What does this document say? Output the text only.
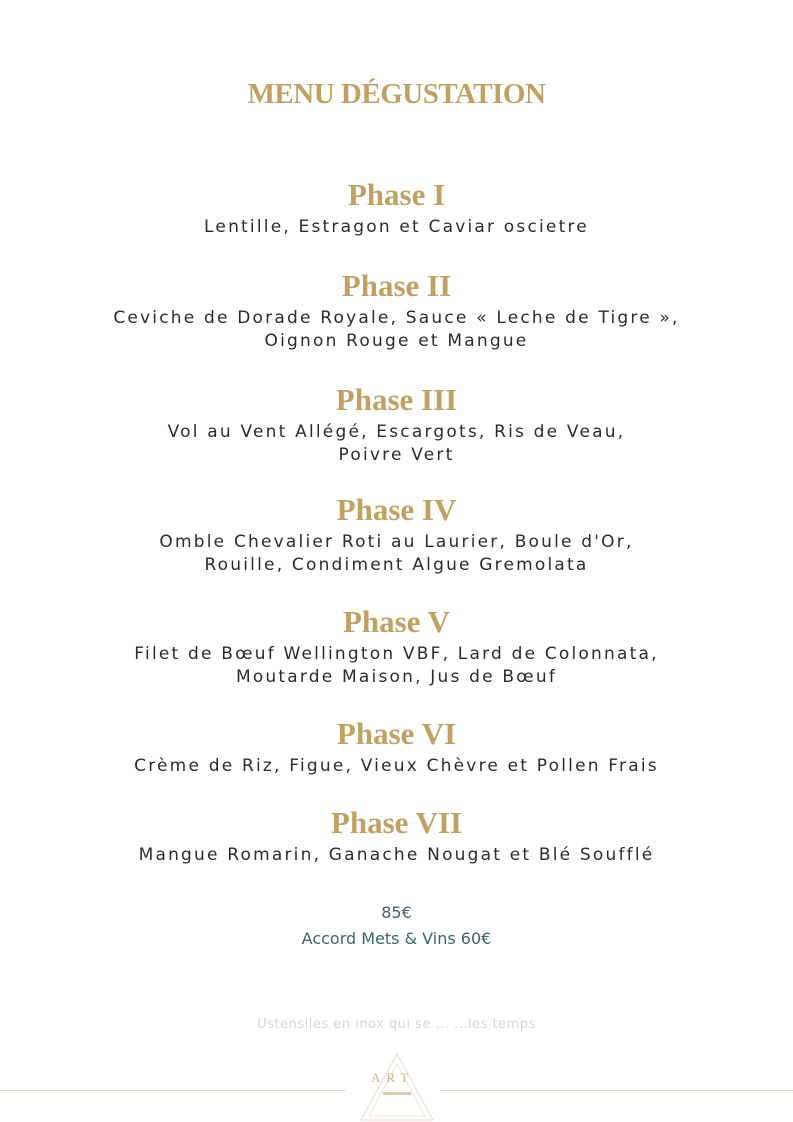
MENU DÉGUSTATION
Phase I
Lentille, Estragon et Caviar oscietre
Phase II
Ceviche de Dorade Royale, Sauce « Leche de Tigre »,
Oignon Rouge et Mangue
Phase III
Vol au Vent Allégé, Escargots, Ris de Veau,
Poivre Vert
Phase IV
Omble Chevalier Roti au Laurier, Boule d'Or,
Rouille, Condiment Algue Gremolata
Phase V
Filet de Bœuf Wellington VBF, Lard de Colonnata,
Moutarde Maison, Jus de Bœuf
Phase VI
Crème de Riz, Figue, Vieux Chèvre et Pollen Frais
Phase VII
Mangue Romarin, Ganache Nougat et Blé Soufflé
85€
Accord Mets & Vins 60€
Ustensiles en inox qui se ... ...les temps
ART
